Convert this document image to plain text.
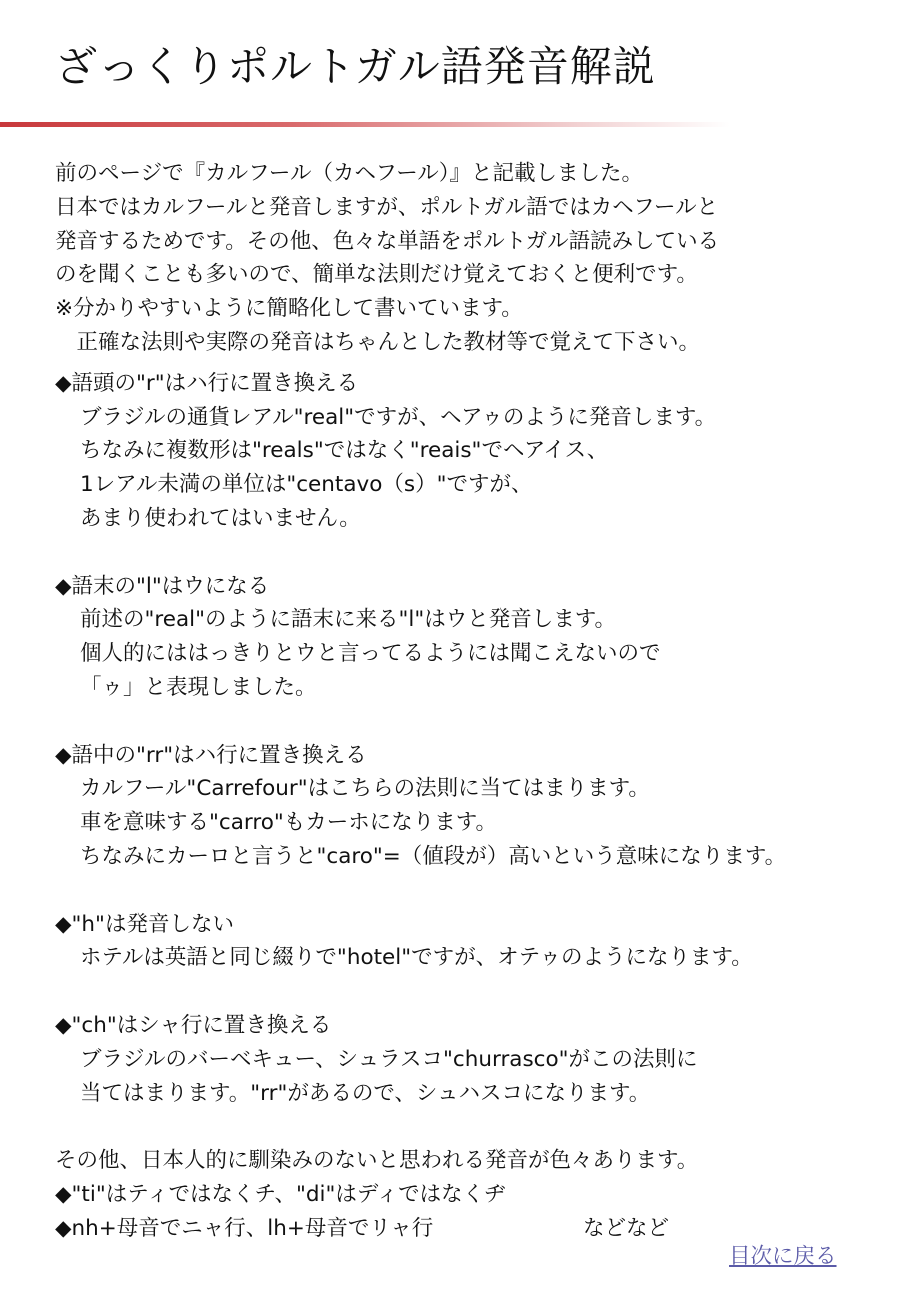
ざっくりポルトガル語発音解説
前のページで『カルフール（カヘフール）』と記載しました。
日本ではカルフールと発音しますが、ポルトガル語ではカヘフールと
発音するためです。その他、色々な単語をポルトガル語読みしている
のを聞くことも多いので、簡単な法則だけ覚えておくと便利です。
※分かりやすいように簡略化して書いています。
　正確な法則や実際の発音はちゃんとした教材等で覚えて下さい。
◆語頭の"r"はハ行に置き換える
ブラジルの通貨レアル"real"ですが、ヘアゥのように発音します。
ちなみに複数形は"reals"ではなく"reais"でヘアイス、
1レアル未満の単位は"centavo（s）"ですが、
あまり使われてはいません。
◆語末の"l"はウになる
前述の"real"のように語末に来る"l"はウと発音します。
個人的にははっきりとウと言ってるようには聞こえないので
「ゥ」と表現しました。
◆語中の"rr"はハ行に置き換える
カルフール"Carrefour"はこちらの法則に当てはまります。
車を意味する"carro"もカーホになります。
ちなみにカーロと言うと"caro"=（値段が）高いという意味になります。
◆"h"は発音しない
ホテルは英語と同じ綴りで"hotel"ですが、オテゥのようになります。
◆"ch"はシャ行に置き換える
ブラジルのバーベキュー、シュラスコ"churrasco"がこの法則に
当てはまります。"rr"があるので、シュハスコになります。
その他、日本人的に馴染みのないと思われる発音が色々あります。
◆"ti"はティではなくチ、"di"はディではなくヂ
◆nh+母音でニャ行、lh+母音でリャ行	などなど
目次に戻る
